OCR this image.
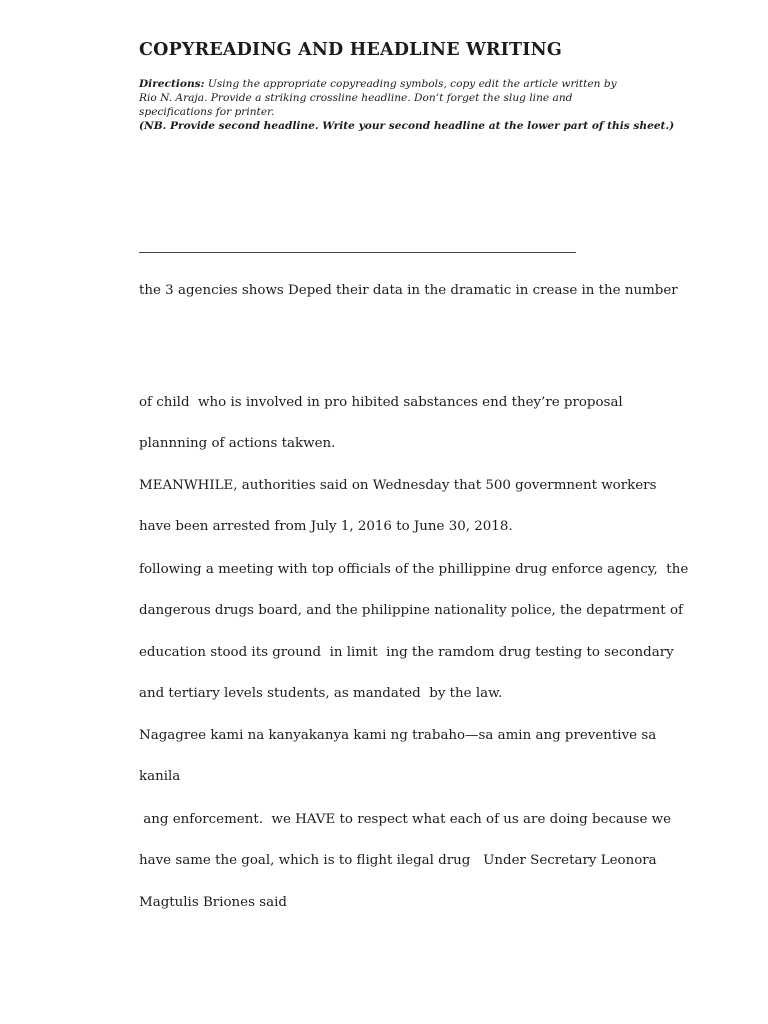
COPYREADING AND HEADLINE WRITING
Directions: Using the appropriate copyreading symbols, copy edit the article written by
Rio N. Araja. Provide a striking crossline headline. Don’t forget the slug line and
specifications for printer.
(NB. Provide second headline. Write your second headline at the lower part of this sheet.)
the 3 agencies shows Deped their data in the dramatic in crease in the number
of child  who is involved in pro hibited sabstances end they’re proposal
plannning of actions takwen.
MEANWHILE, authorities said on Wednesday that 500 govermnent workers
have been arrested from July 1, 2016 to June 30, 2018.
following a meeting with top officials of the phillippine drug enforce agency,  the
dangerous drugs board, and the philippine nationality police, the depatrment of
education stood its ground  in limit  ing the ramdom drug testing to secondary
and tertiary levels students, as mandated  by the law.
Nagagree kami na kanyakanya kami ng trabaho—sa amin ang preventive sa
kanila
ang enforcement.  we HAVE to respect what each of us are doing because we
have same the goal, which is to flight ilegal drug   Under Secretary Leonora
Magtulis Briones said
